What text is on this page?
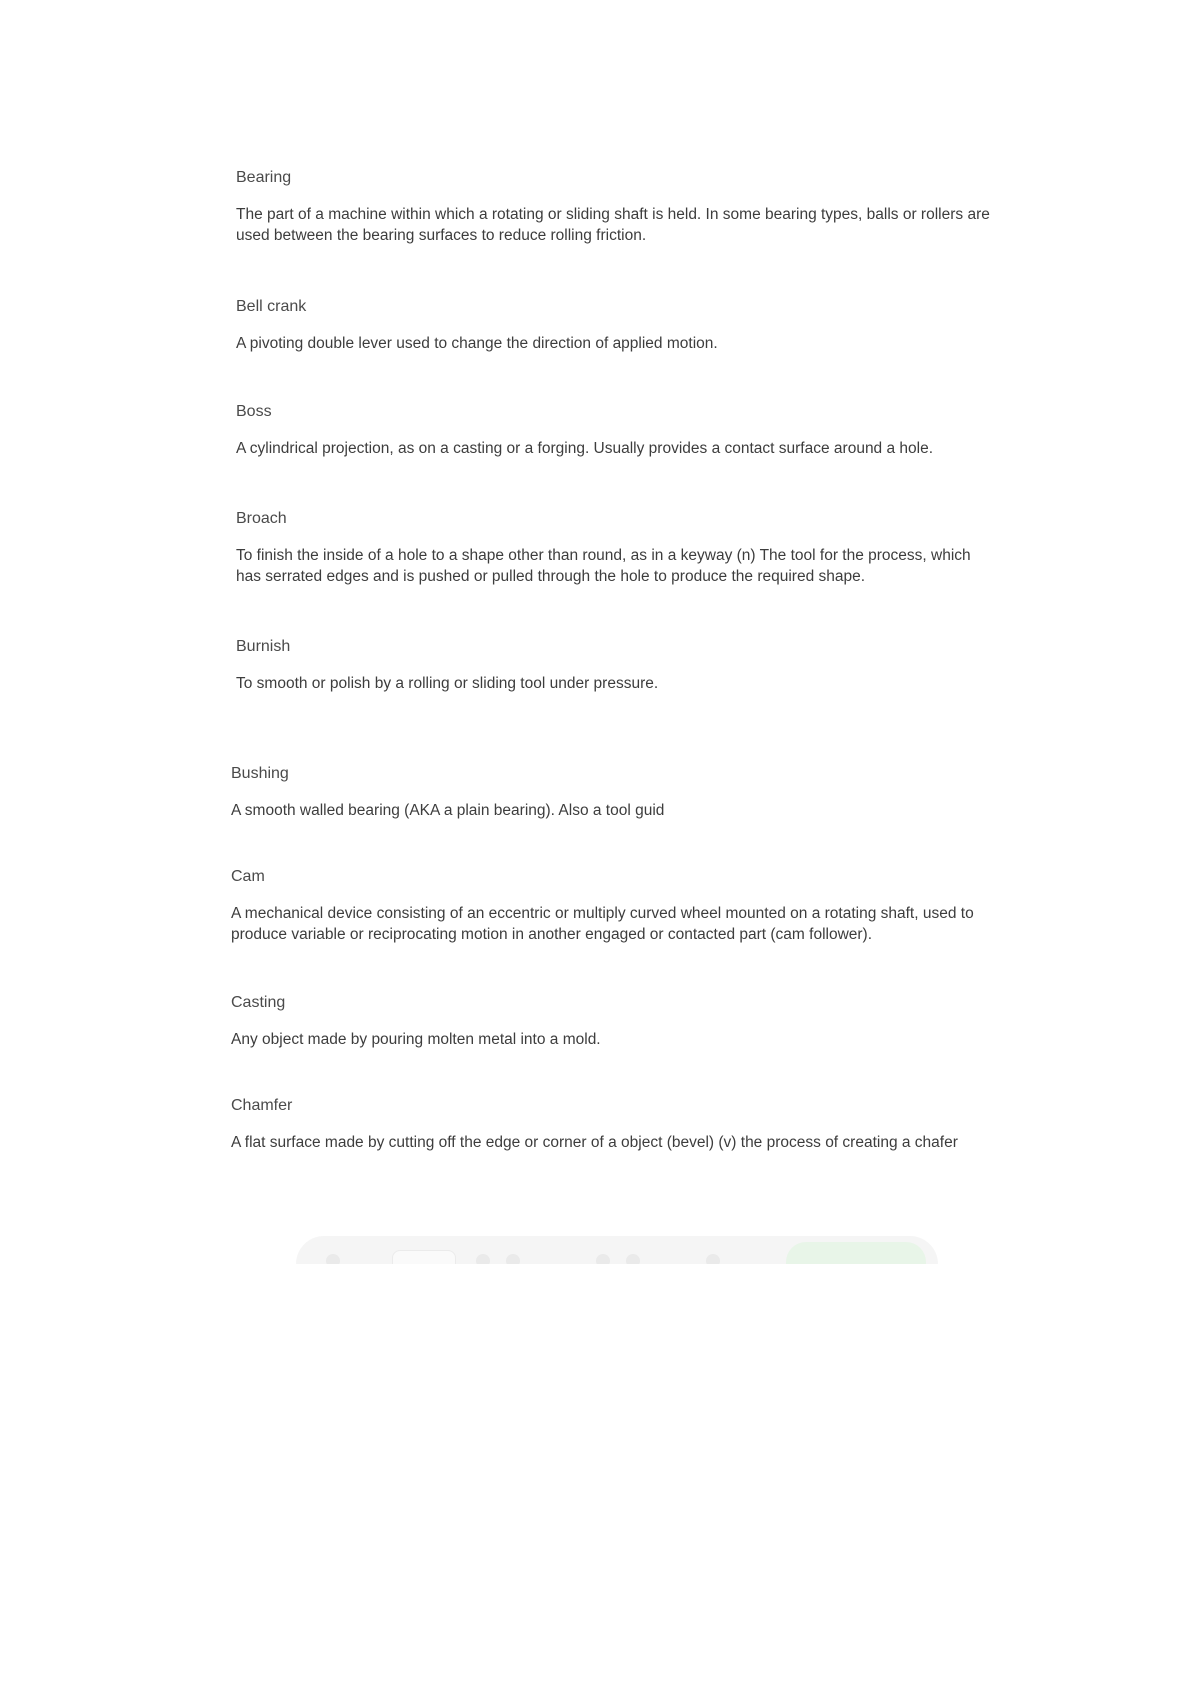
Bearing
The part of a machine within which a rotating or sliding shaft is held. In some bearing types, balls or rollers are used between the bearing surfaces to reduce rolling friction.
Bell crank
A pivoting double lever used to change the direction of applied motion.
Boss
A cylindrical projection, as on a casting or a forging. Usually provides a contact surface around a hole.
Broach
To finish the inside of a hole to a shape other than round, as in a keyway (n) The tool for the process, which has serrated edges and is pushed or pulled through the hole to produce the required shape.
Burnish
To smooth or polish by a rolling or sliding tool under pressure.
Bushing
A smooth walled bearing (AKA a plain bearing). Also a tool guid
Cam
A mechanical device consisting of an eccentric or multiply curved wheel mounted on a rotating shaft, used to produce variable or reciprocating motion in another engaged or contacted part (cam follower).
Casting
Any object made by pouring molten metal into a mold.
Chamfer
A flat surface made by cutting off the edge or corner of a object (bevel) (v) the process of creating a chafer
